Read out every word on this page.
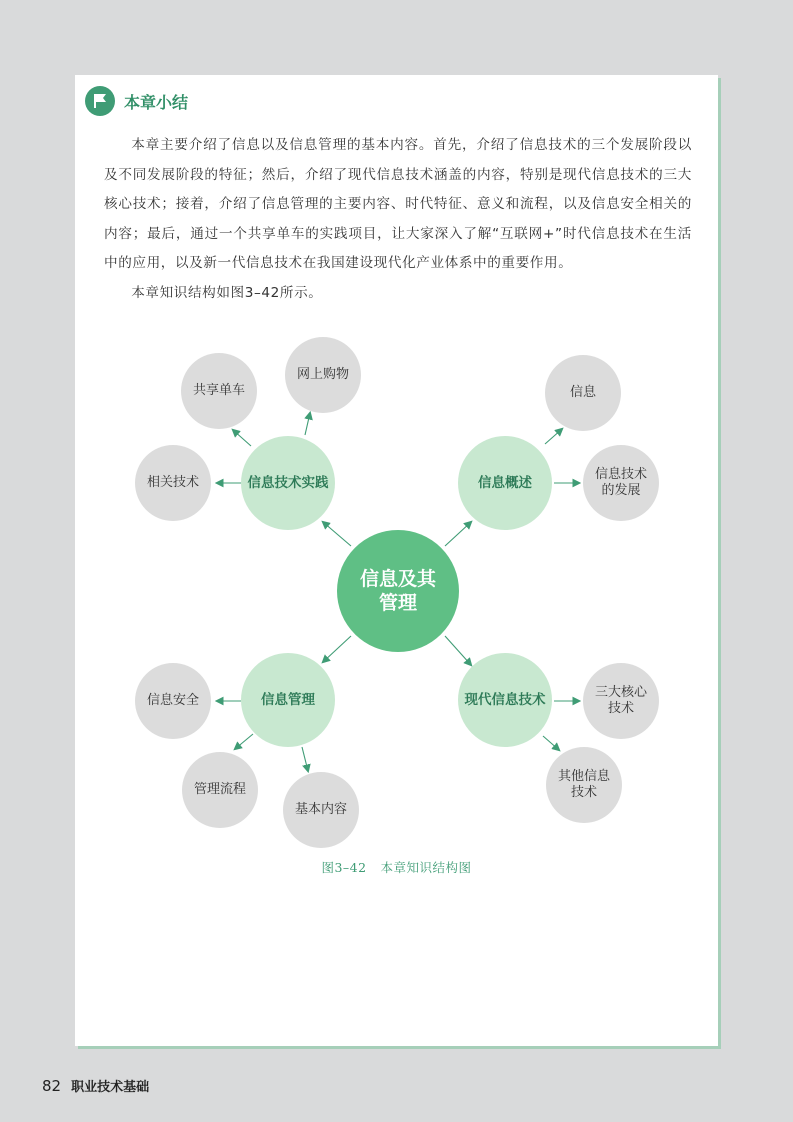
本章小结

本章主要介绍了信息以及信息管理的基本内容。首先，介绍了信息技术的三个发展阶段以及不同发展阶段的特征；然后，介绍了现代信息技术涵盖的内容，特别是现代信息技术的三大核心技术；接着，介绍了信息管理的主要内容、时代特征、意义和流程，以及信息安全相关的内容；最后，通过一个共享单车的实践项目，让大家深入了解“互联网+”时代信息技术在生活中的应用，以及新一代信息技术在我国建设现代化产业体系中的重要作用。

本章知识结构如图3–42所示。

信息及其管理
信息技术实践	信息概述
信息管理	现代信息技术
共享单车
网上购物
相关技术
信息
信息技术的发展
信息安全
管理流程
基本内容
三大核心技术
其他信息技术
图3–42 本章知识结构图
82 职业技术基础
